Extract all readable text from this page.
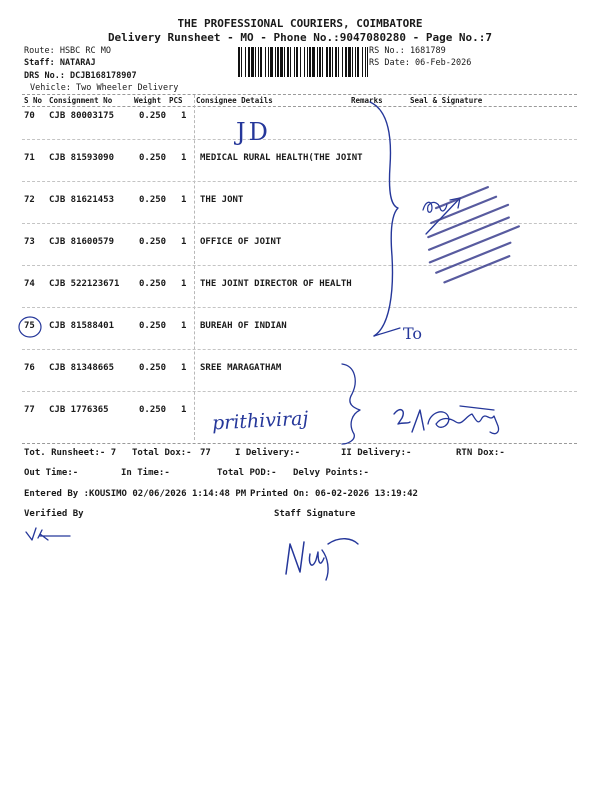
THE PROFESSIONAL COURIERS, COIMBATORE
Delivery Runsheet - MO - Phone No.:9047080280 - Page No.:7
Route: HSBC RC MO
Staff: NATARAJ
DRS No.: DCJB168178907
Vehicle: Two Wheeler Delivery
RS No.: 1681789
RS Date: 06-Feb-2026
S No Consignment No	Weight PCS Consignee Details	Remarks	Seal & Signature
70 CJB 80003175	0.250 1
71 CJB 81593090	0.250 1 MEDICAL RURAL HEALTH(THE JOINT
72 CJB 81621453	0.250 1 THE JONT
73 CJB 81600579	0.250 1 OFFICE OF JOINT
74 CJB 522123671 0.250 1 THE JOINT DIRECTOR OF HEALTH
75 CJB 81588401	0.250 1 BUREAH OF INDIAN
76 CJB 81348665	0.250 1 SREE MARAGATHAM
77 CJB 1776365	0.250 1
Tot. Runsheet:- 7 Total Dox:- 77	I Delivery:-	II Delivery:-	RTN Dox:-
Out Time:-	In Time:-	Total POD:- Delvy Points:-
Entered By :KOUSIMO 02/06/2026 1:14:48 PM Printed On: 06-02-2026 13:19:42
Verified By	Staff Signature
JD
To
prithiviraj
